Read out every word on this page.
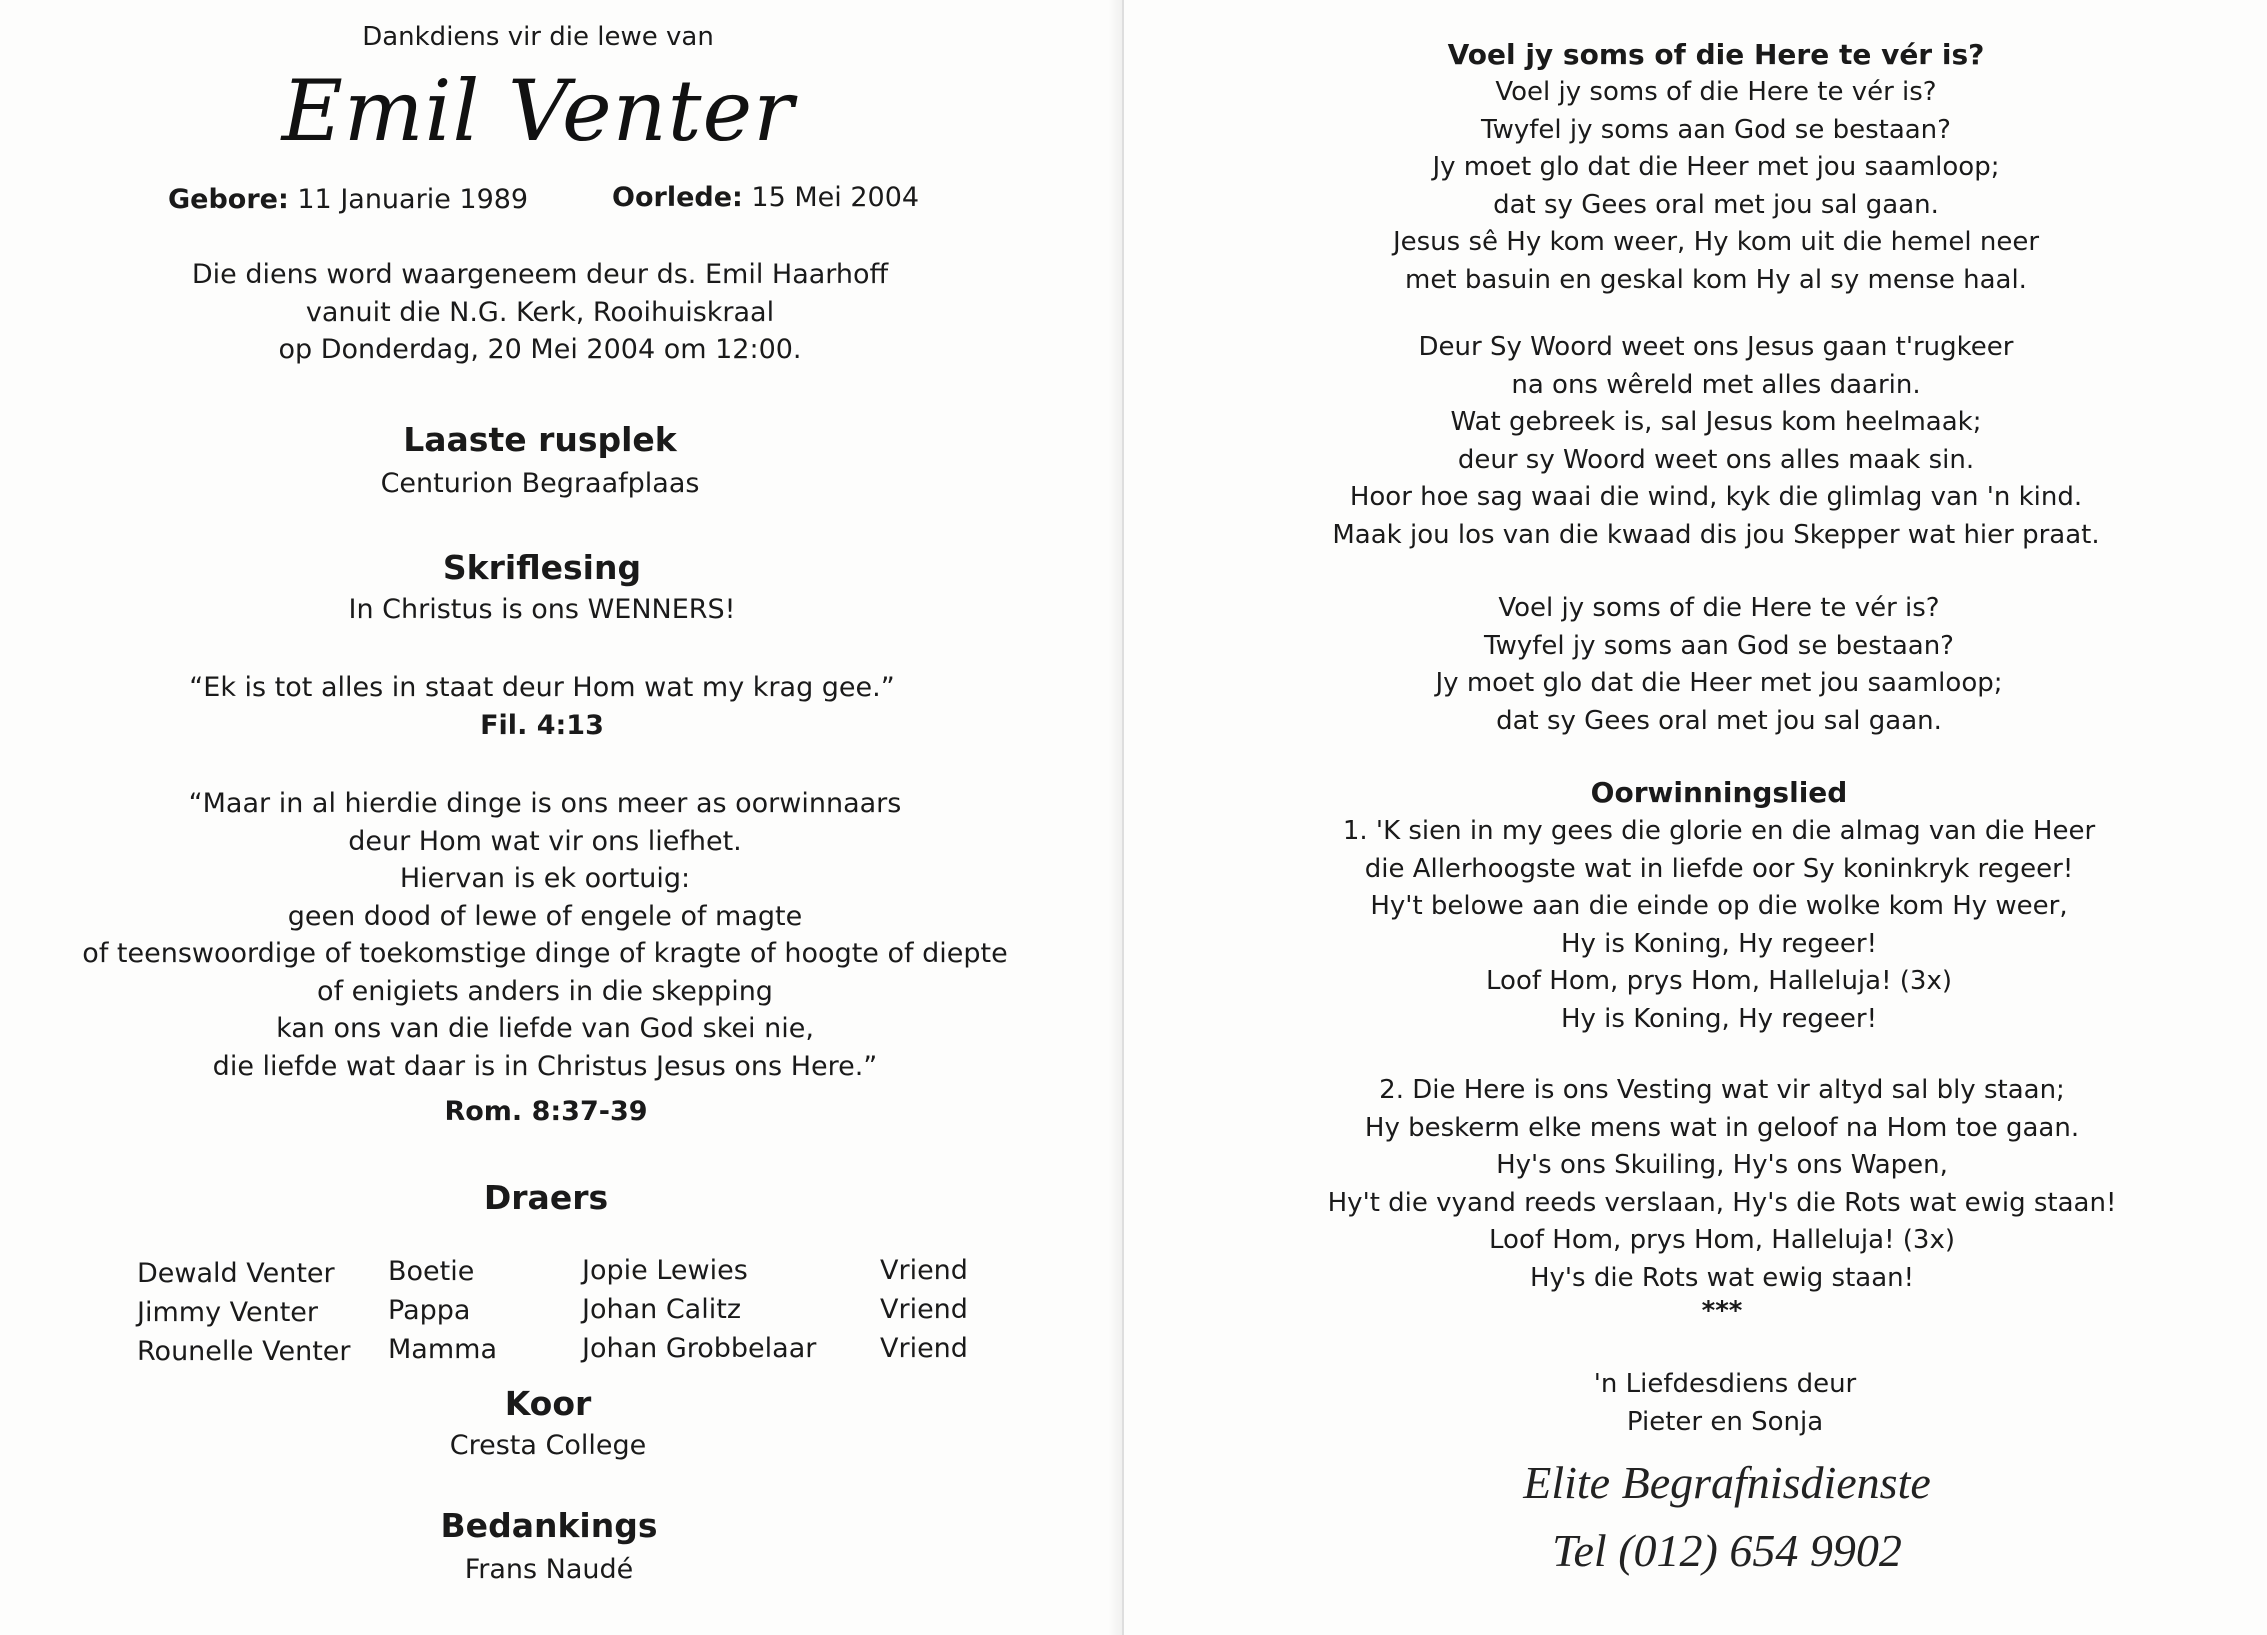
Dankdiens vir die lewe van
Emil Venter
Gebore: 11 Januarie 1989	Oorlede: 15 Mei 2004
Die diens word waargeneem deur ds. Emil Haarhoff
vanuit die N.G. Kerk, Rooihuiskraal
op Donderdag, 20 Mei 2004 om 12:00.
Laaste rusplek
Centurion Begraafplaas
Skriflesing
In Christus is ons WENNERS!
“Ek is tot alles in staat deur Hom wat my krag gee.”
Fil. 4:13
“Maar in al hierdie dinge is ons meer as oorwinnaars
deur Hom wat vir ons liefhet.
Hiervan is ek oortuig:
geen dood of lewe of engele of magte
of teenswoordige of toekomstige dinge of kragte of hoogte of diepte
of enigiets anders in die skepping
kan ons van die liefde van God skei nie,
die liefde wat daar is in Christus Jesus ons Here.”
Rom. 8:37-39
Draers
Dewald Venter
Jimmy Venter
Rounelle Venter
Boetie
Pappa
Mamma
Jopie Lewies
Johan Calitz
Johan Grobbelaar
Vriend
Vriend
Vriend
Koor
Cresta College
Bedankings
Frans Naudé
Voel jy soms of die Here te vér is?
Voel jy soms of die Here te vér is?
Twyfel jy soms aan God se bestaan?
Jy moet glo dat die Heer met jou saamloop;
dat sy Gees oral met jou sal gaan.
Jesus sê Hy kom weer, Hy kom uit die hemel neer
met basuin en geskal kom Hy al sy mense haal.
Deur Sy Woord weet ons Jesus gaan t'rugkeer
na ons wêreld met alles daarin.
Wat gebreek is, sal Jesus kom heelmaak;
deur sy Woord weet ons alles maak sin.
Hoor hoe sag waai die wind, kyk die glimlag van 'n kind.
Maak jou los van die kwaad dis jou Skepper wat hier praat.
Voel jy soms of die Here te vér is?
Twyfel jy soms aan God se bestaan?
Jy moet glo dat die Heer met jou saamloop;
dat sy Gees oral met jou sal gaan.
Oorwinningslied
1. 'K sien in my gees die glorie en die almag van die Heer
die Allerhoogste wat in liefde oor Sy koninkryk regeer!
Hy't belowe aan die einde op die wolke kom Hy weer,
Hy is Koning, Hy regeer!
Loof Hom, prys Hom, Halleluja! (3x)
Hy is Koning, Hy regeer!
2. Die Here is ons Vesting wat vir altyd sal bly staan;
Hy beskerm elke mens wat in geloof na Hom toe gaan.
Hy's ons Skuiling, Hy's ons Wapen,
Hy't die vyand reeds verslaan, Hy's die Rots wat ewig staan!
Loof Hom, prys Hom, Halleluja! (3x)
Hy's die Rots wat ewig staan!
***
'n Liefdesdiens deur
Pieter en Sonja
Elite Begrafnisdienste
Tel (012) 654 9902
